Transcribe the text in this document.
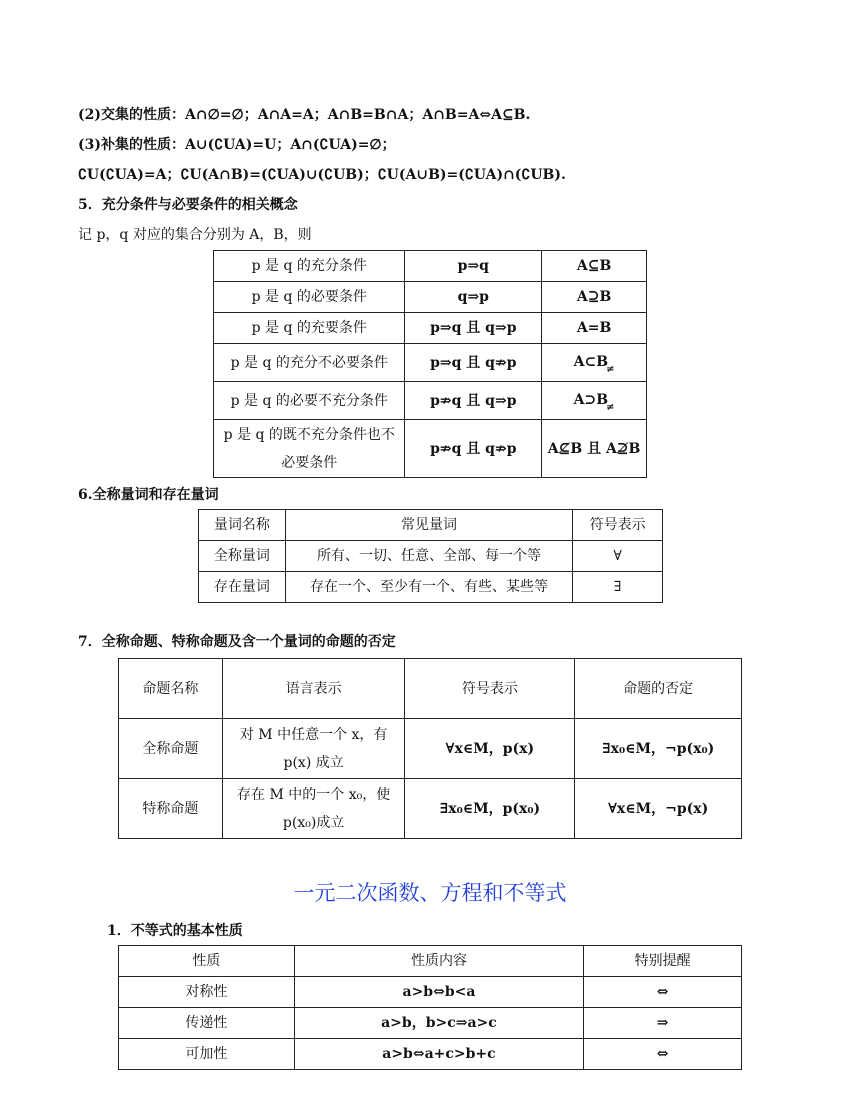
(2)交集的性质：A∩∅=∅；A∩A=A；A∩B=B∩A；A∩B=A⇔A⊆B.
(3)补集的性质：A∪(∁UA)=U；A∩(∁UA)=∅；
∁U(∁UA)=A；∁U(A∩B)=(∁UA)∪(∁UB)；∁U(A∪B)=(∁UA)∩(∁UB).
5．充分条件与必要条件的相关概念
记 p，q 对应的集合分别为 A，B，则
p 是 q 的充分条件	p⇒q	A⊆B
p 是 q 的必要条件	q⇒p	A⊇B
p 是 q 的充要条件	p⇒q 且 q⇒p	A=B
p 是 q 的充分不必要条件	p⇒q 且 q⇏p	$A\subset B_\ne$
p 是 q 的必要不充分条件	p⇏q 且 q⇒p	$A⊃B_\ne$
p 是 q 的既不充分条件也不必要条件	p⇏q 且 q⇏p	A⊈B 且 A⊉B
6.全称量词和存在量词
量词名称	常见量词	符号表示
全称量词	所有、一切、任意、全部、每一个等	∀
存在量词	存在一个、至少有一个、有些、某些等	∃
7．全称命题、特称命题及含一个量词的命题的否定
命题名称	语言表示	符号表示	命题的否定
全称命题	对 M 中任意一个 x，有 p(x) 成立	∀x∈M，p(x)	∃x₀∈M，¬p(x₀)
特称命题	存在 M 中的一个 x₀，使 p(x₀)成立	∃x₀∈M，p(x₀)	∀x∈M，¬p(x)
一元二次函数、方程和不等式
1．不等式的基本性质
性质	性质内容	特别提醒
对称性	a>b⇔b<a	⇔
传递性	a>b，b>c⇒a>c	⇒
可加性	a>b⇔a+c>b+c	⇔
